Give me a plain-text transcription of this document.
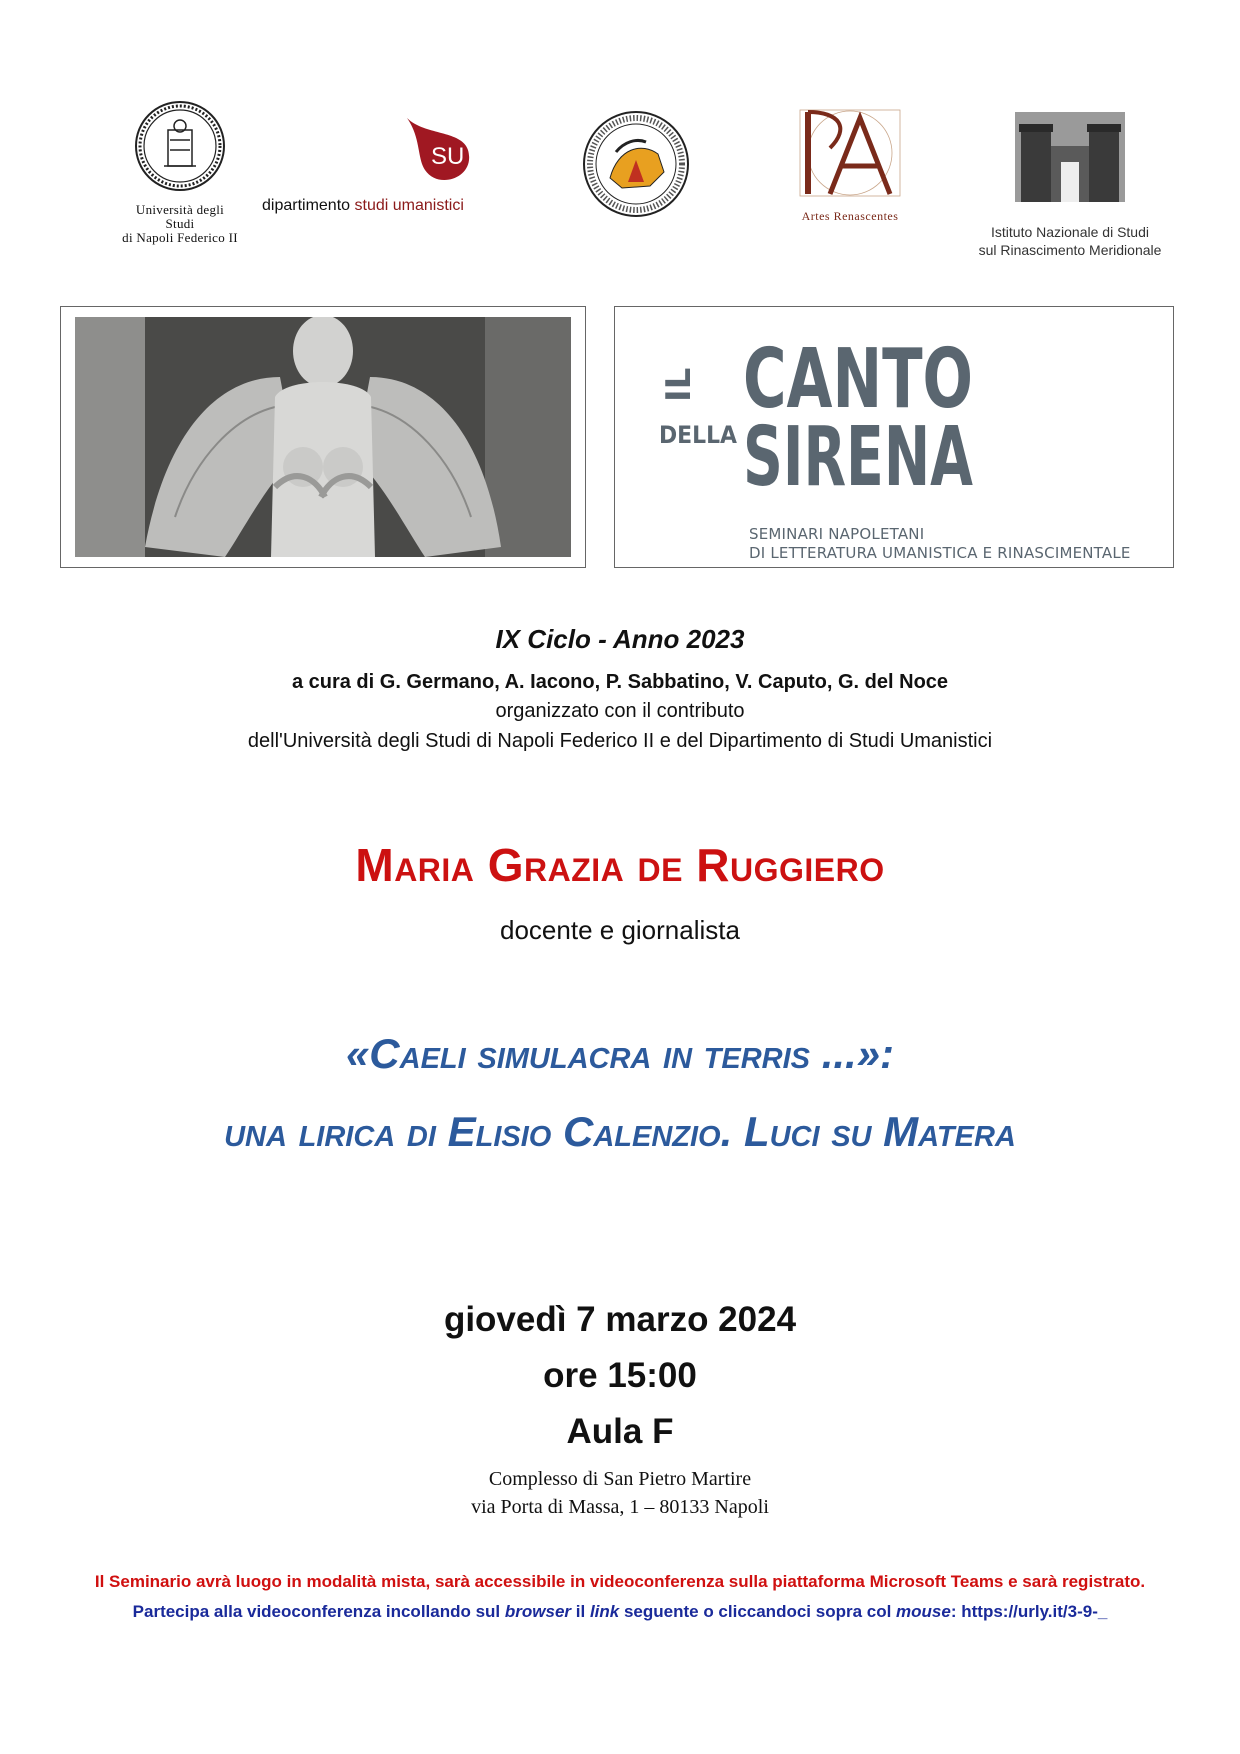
Università degli Studi
di Napoli Federico II
SU
dipartimento studi umanistici
Artes Renascentes
Istituto Nazionale di Studi
sul Rinascimento Meridionale
IL CANTO
DELLA SIRENA
SEMINARI NAPOLETANI
DI LETTERATURA UMANISTICA E RINASCIMENTALE
IX Ciclo - Anno 2023
a cura di G. Germano, A. Iacono, P. Sabbatino, V. Caputo, G. del Noce
organizzato con il contributo
dell'Università degli Studi di Napoli Federico II e del Dipartimento di Studi Umanistici
Maria Grazia de Ruggiero
docente e giornalista
«Caeli simulacra in terris ...»:
una lirica di Elisio Calenzio. Luci su Matera
giovedì 7 marzo 2024
ore 15:00
Aula F
Complesso di San Pietro Martire
via Porta di Massa, 1 – 80133 Napoli
Il Seminario avrà luogo in modalità mista, sarà accessibile in videoconferenza sulla piattaforma Microsoft Teams e sarà registrato.
Partecipa alla videoconferenza incollando sul browser il link seguente o cliccandoci sopra col mouse: https://urly.it/3-9-_
